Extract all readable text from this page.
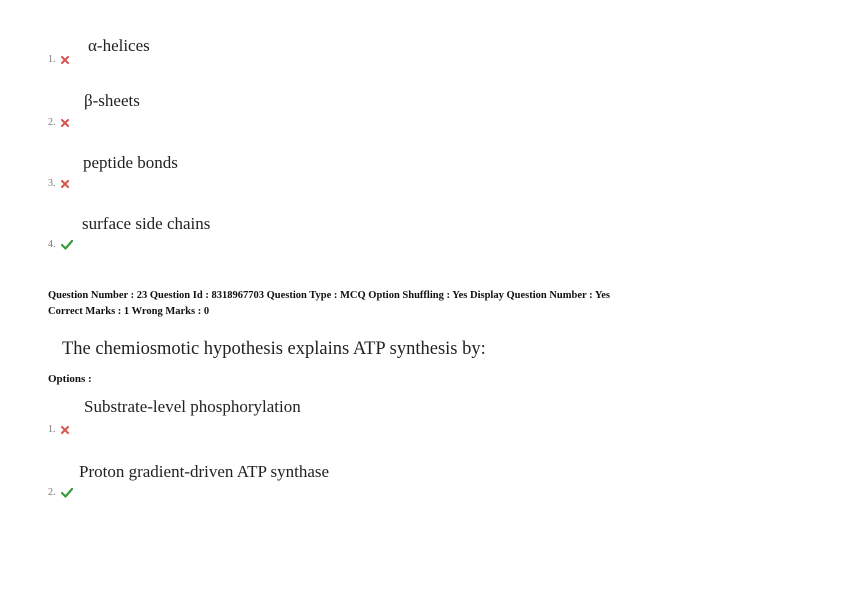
α-helices
1.
β-sheets
2.
peptide bonds
3.
surface side chains
4.
Question Number : 23 Question Id : 8318967703 Question Type : MCQ Option Shuffling : Yes Display Question Number : Yes
Correct Marks : 1 Wrong Marks : 0
The chemiosmotic hypothesis explains ATP synthesis by:
Options :
Substrate-level phosphorylation
1.
Proton gradient-driven ATP synthase
2.
